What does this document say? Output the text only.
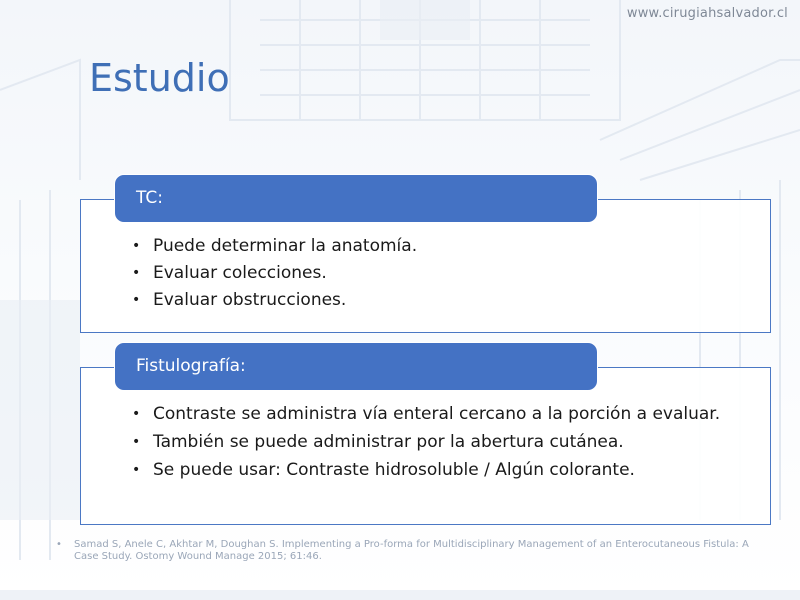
www.cirugiahsalvador.cl
Estudio
TC:
• Puede determinar la anatomía.
• Evaluar colecciones.
• Evaluar obstrucciones.
Fistulografía:
• Contraste se administra vía enteral cercano a la porción a evaluar.
• También se puede administrar por la abertura cutánea.
• Se puede usar: Contraste hidrosoluble / Algún colorante.
• Samad S, Anele C, Akhtar M, Doughan S. Implementing a Pro-forma for Multidisciplinary Management of an Enterocutaneous Fistula: A Case Study. Ostomy Wound Manage 2015; 61:46.
